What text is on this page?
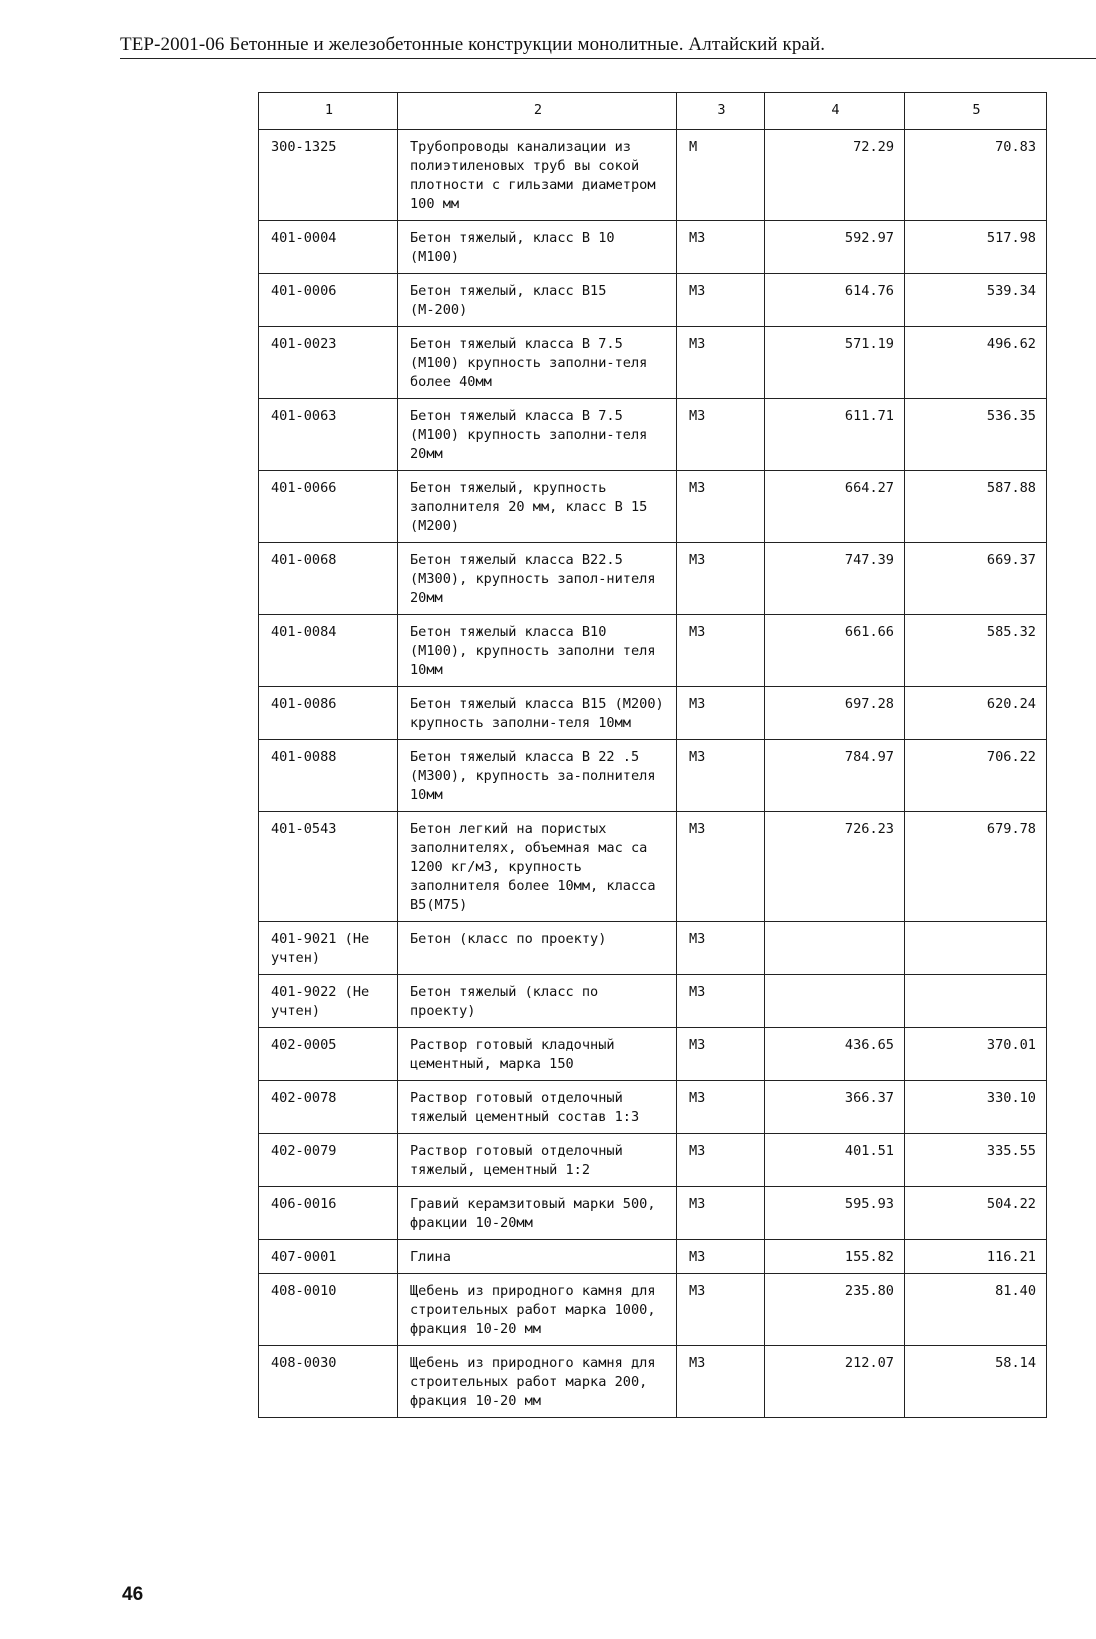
ТЕР-2001-06 Бетонные и железобетонные конструкции монолитные. Алтайский край.
1	2	3	4	5
300-1325	Трубопроводы канализации из полиэтиленовых труб вы сокой плотности с гильзами диаметром 100 мм	М	72.29	70.83
401-0004	Бетон тяжелый, класс В 10 (М100)	М3	592.97	517.98
401-0006	Бетон тяжелый, класс В15 (М-200)	М3	614.76	539.34
401-0023	Бетон тяжелый класса В 7.5 (М100) крупность заполни-теля более 40мм	М3	571.19	496.62
401-0063	Бетон тяжелый класса В 7.5 (М100) крупность заполни-теля 20мм	М3	611.71	536.35
401-0066	Бетон тяжелый, крупность заполнителя 20 мм, класс В 15 (М200)	М3	664.27	587.88
401-0068	Бетон тяжелый класса В22.5 (М300), крупность запол-нителя 20мм	М3	747.39	669.37
401-0084	Бетон тяжелый класса В10 (М100), крупность заполни теля 10мм	М3	661.66	585.32
401-0086	Бетон тяжелый класса В15 (М200) крупность заполни-теля 10мм	М3	697.28	620.24
401-0088	Бетон тяжелый класса В 22 .5 (М300), крупность за-полнителя 10мм	М3	784.97	706.22
401-0543	Бетон легкий на пористых заполнителях, объемная мас са 1200 кг/м3, крупность заполнителя более 10мм, класса В5(М75)	М3	726.23	679.78
401-9021 (Не учтен)	Бетон (класс по проекту)	М3		
401-9022 (Не учтен)	Бетон тяжелый (класс по проекту)	М3		
402-0005	Раствор готовый кладочный цементный, марка 150	М3	436.65	370.01
402-0078	Раствор готовый отделочный тяжелый цементный состав 1:3	М3	366.37	330.10
402-0079	Раствор готовый отделочный тяжелый, цементный 1:2	М3	401.51	335.55
406-0016	Гравий керамзитовый марки 500, фракции 10-20мм	М3	595.93	504.22
407-0001	Глина	М3	155.82	116.21
408-0010	Щебень из природного камня для строительных работ марка 1000, фракция 10-20 мм	М3	235.80	81.40
408-0030	Щебень из природного камня для строительных работ марка 200, фракция 10-20 мм	М3	212.07	58.14
46
